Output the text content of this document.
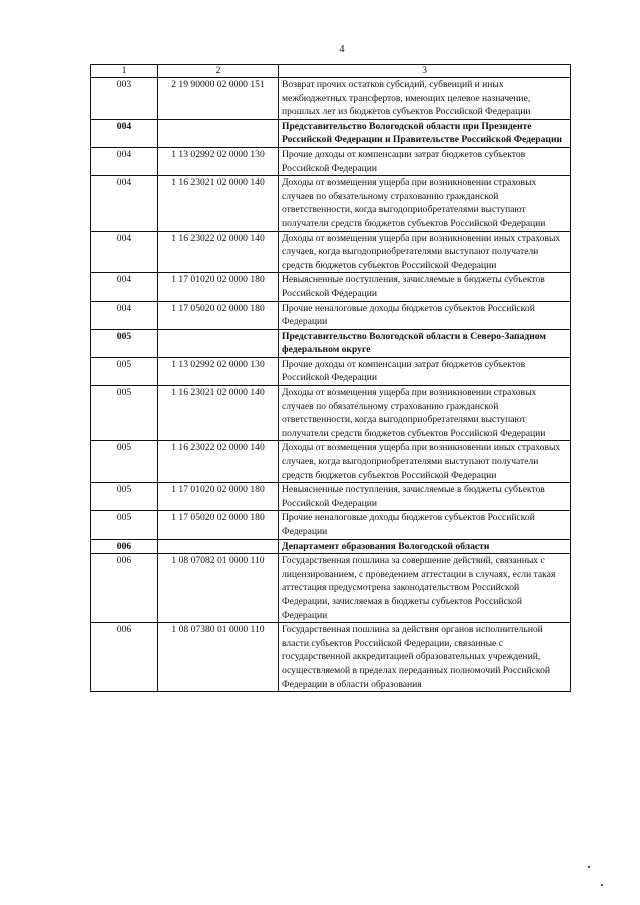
4
1	2	3
003	2 19 90000 02 0000 151	Возврат прочих остатков субсидий, субвенций и иных межбюджетных трансфертов, имеющих целевое назначение, прошлых лет из бюджетов субъектов Российской Федерации
004		Представительство Вологодской области при Президенте Российской Федерации и Правительстве Российской Федерации
004	1 13 02992 02 0000 130	Прочие доходы от компенсации затрат бюджетов субъектов Российской Федерации
004	1 16 23021 02 0000 140	Доходы от возмещения ущерба при возникновении страховых случаев по обязательному страхованию гражданской ответственности, когда выгодоприобретателями выступают получатели средств бюджетов субъектов Российской Федерации
004	1 16 23022 02 0000 140	Доходы от возмещения ущерба при возникновении иных страховых случаев, когда выгодоприобретателями выступают получатели средств бюджетов субъектов Российской Федерации
004	1 17 01020 02 0000 180	Невыясненные поступления, зачисляемые в бюджеты субъектов Российской Федерации
004	1 17 05020 02 0000 180	Прочие неналоговые доходы бюджетов субъектов Российской Федерации
005		Представительство Вологодской области в Северо-Западном федеральном округе
005	1 13 02992 02 0000 130	Прочие доходы от компенсации затрат бюджетов субъектов Российской Федерации
005	1 16 23021 02 0000 140	Доходы от возмещения ущерба при возникновении страховых случаев по обязательному страхованию гражданской ответственности, когда выгодоприобретателями выступают получатели средств бюджетов субъектов Российской Федерации
005	1 16 23022 02 0000 140	Доходы от возмещения ущерба при возникновении иных страховых случаев, когда выгодоприобретателями выступают получатели средств бюджетов субъектов Российской Федерации
005	1 17 01020 02 0000 180	Невыясненные поступления, зачисляемые в бюджеты субъектов Российской Федерации
005	1 17 05020 02 0000 180	Прочие неналоговые доходы бюджетов субъектов Российской Федерации
006		Департамент образования Вологодской области
006	1 08 07082 01 0000 110	Государственная пошлина за совершение действий, связанных с лицензированием, с проведением аттестации в случаях, если такая аттестация предусмотрена законодательством Российской Федерации, зачисляемая в бюджеты субъектов Российской Федерации
006	1 08 07380 01 0000 110	Государственная пошлина за действия органов исполнительной власти субъектов Российской Федерации, связанные с государственной аккредитацией образовательных учреждений, осуществляемой в пределах переданных полномочий Российской Федерации в области образования
